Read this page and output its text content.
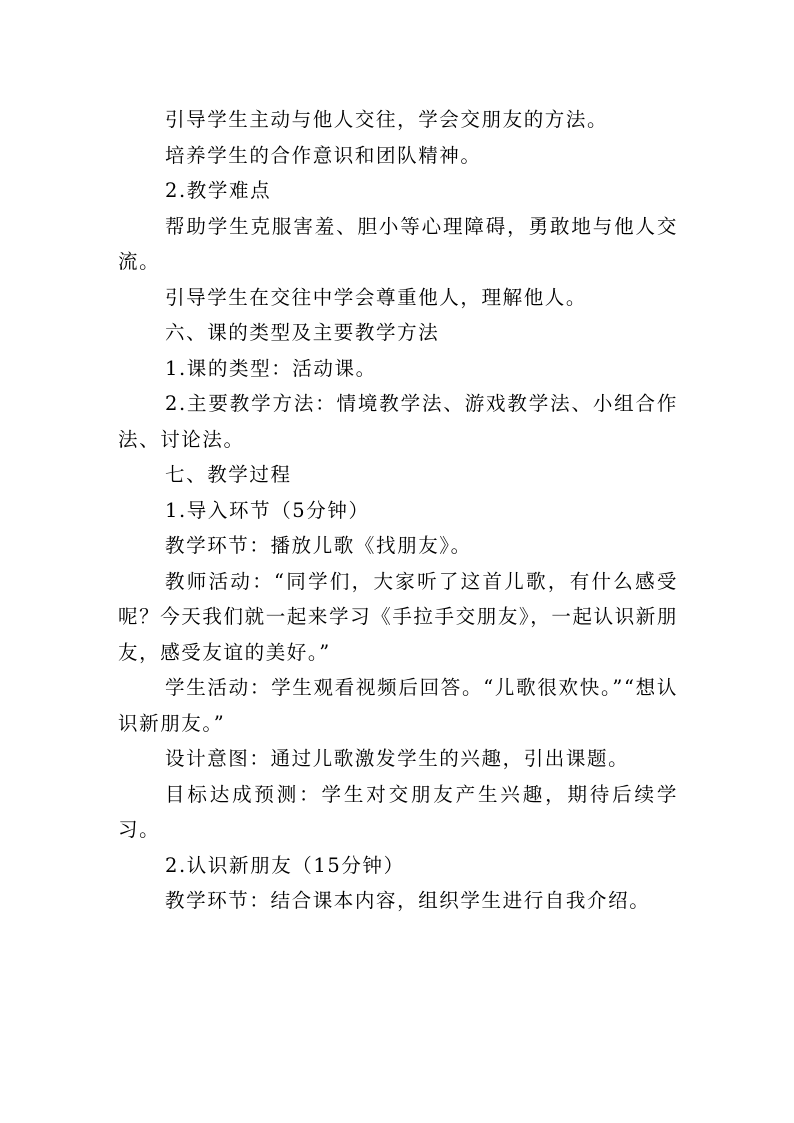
引导学生主动与他人交往，学会交朋友的方法。

培养学生的合作意识和团队精神。

2.教学难点

帮助学生克服害羞、胆小等心理障碍，勇敢地与他人交流。

引导学生在交往中学会尊重他人，理解他人。

六、课的类型及主要教学方法

1.课的类型：活动课。

2.主要教学方法：情境教学法、游戏教学法、小组合作法、讨论法。

七、教学过程

1.导入环节（5分钟）

教学环节：播放儿歌《找朋友》。

教师活动：“同学们，大家听了这首儿歌，有什么感受呢？今天我们就一起来学习《手拉手交朋友》，一起认识新朋友，感受友谊的美好。”

学生活动：学生观看视频后回答。“儿歌很欢快。”“想认识新朋友。”

设计意图：通过儿歌激发学生的兴趣，引出课题。

目标达成预测：学生对交朋友产生兴趣，期待后续学习。

2.认识新朋友（15分钟）

教学环节：结合课本内容，组织学生进行自我介绍。
